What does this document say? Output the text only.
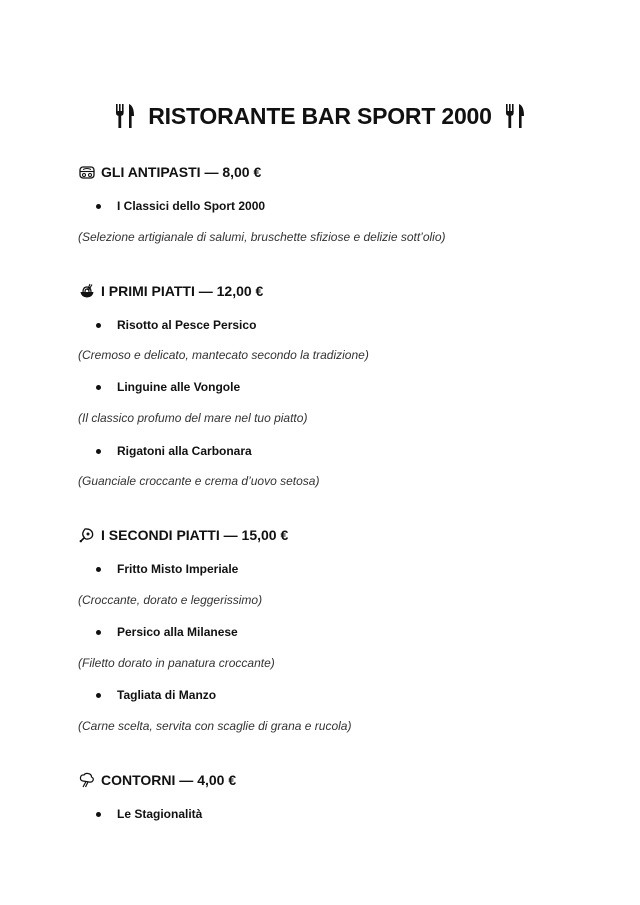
RISTORANTE BAR SPORT 2000
GLI ANTIPASTI — 8,00 €
I Classici dello Sport 2000
(Selezione artigianale di salumi, bruschette sfiziose e delizie sott’olio)
I PRIMI PIATTI — 12,00 €
Risotto al Pesce Persico
(Cremoso e delicato, mantecato secondo la tradizione)
Linguine alle Vongole
(Il classico profumo del mare nel tuo piatto)
Rigatoni alla Carbonara
(Guanciale croccante e crema d’uovo setosa)
I SECONDI PIATTI — 15,00 €
Fritto Misto Imperiale
(Croccante, dorato e leggerissimo)
Persico alla Milanese
(Filetto dorato in panatura croccante)
Tagliata di Manzo
(Carne scelta, servita con scaglie di grana e rucola)
CONTORNI — 4,00 €
Le Stagionalità
